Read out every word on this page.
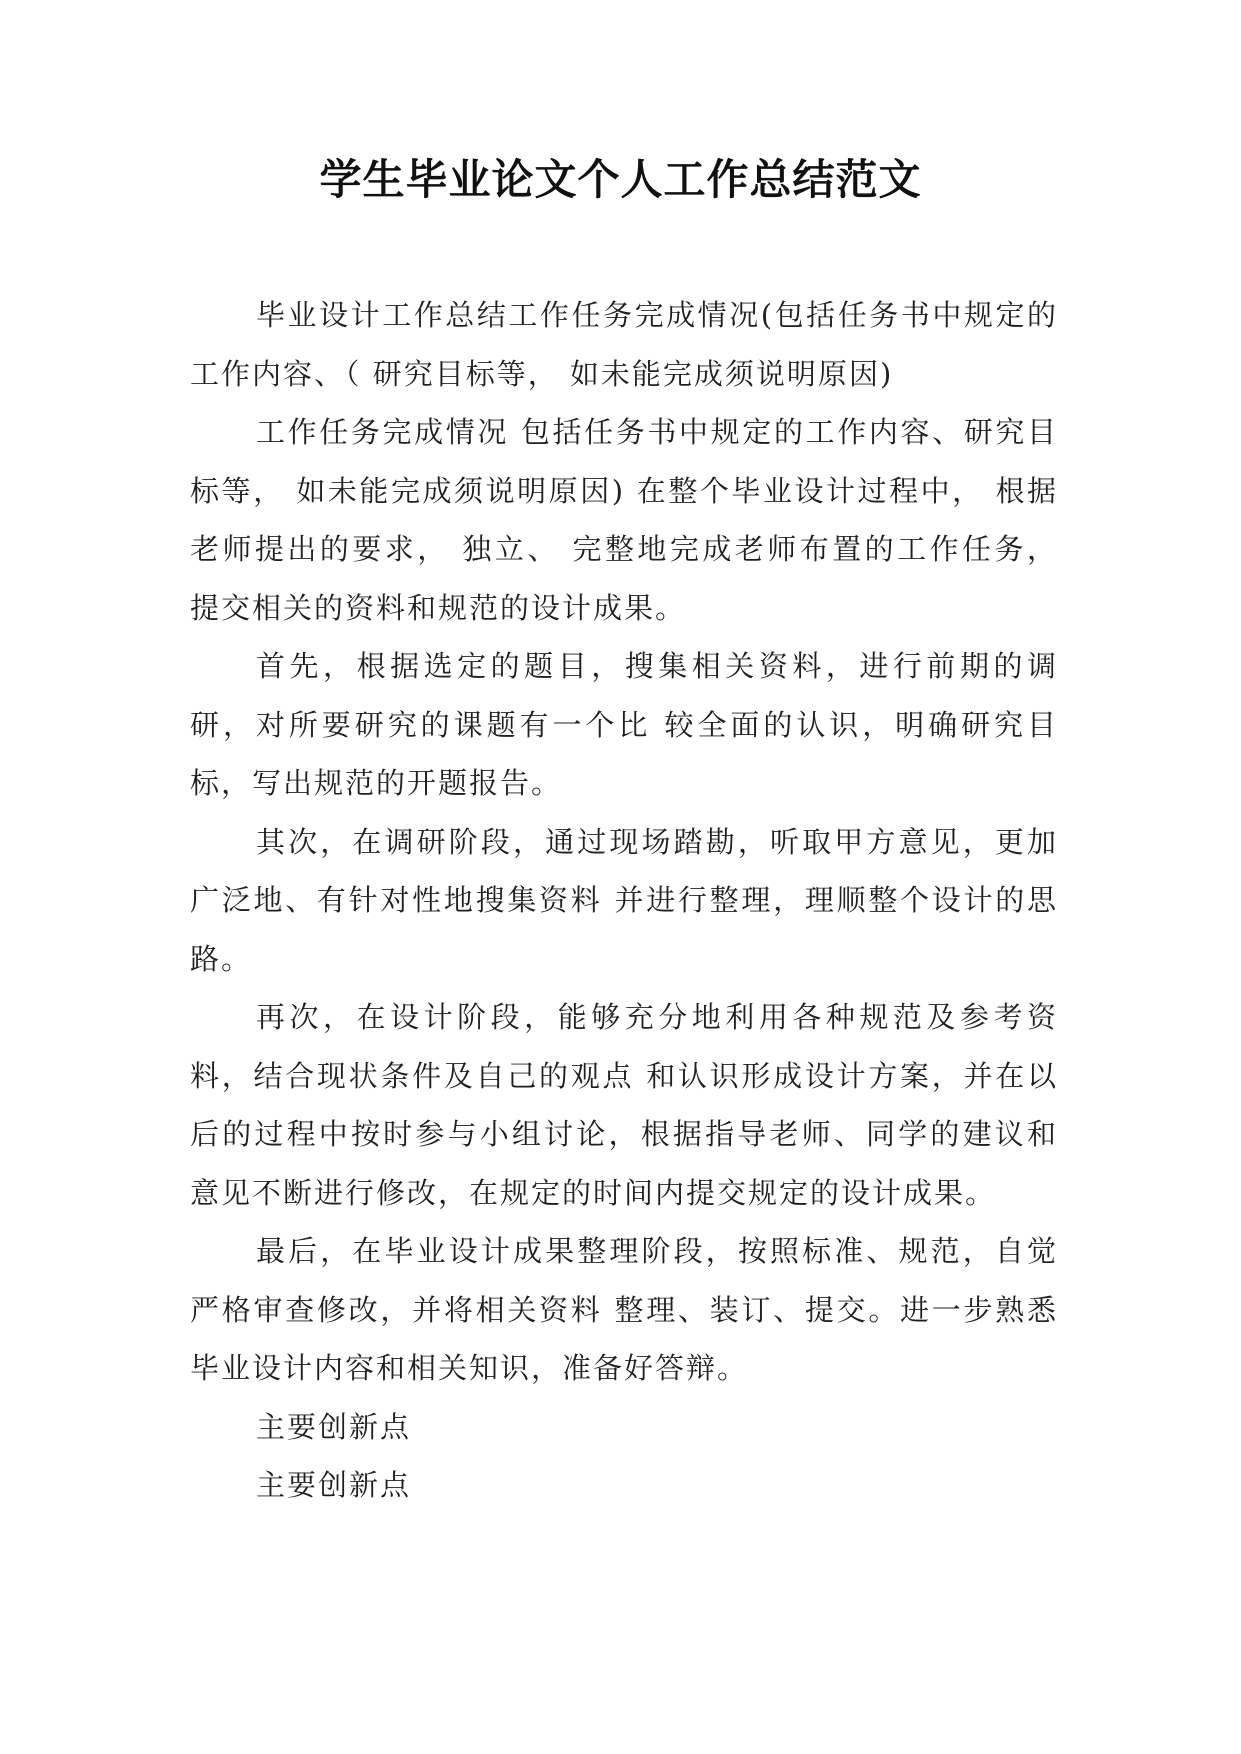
学生毕业论文个人工作总结范文

毕业设计工作总结工作任务完成情况(包括任务书中规定的工作内容、（ 研究目标等， 如未能完成须说明原因)

工作任务完成情况 包括任务书中规定的工作内容、研究目标等， 如未能完成须说明原因) 在整个毕业设计过程中， 根据老师提出的要求， 独立、 完整地完成老师布置的工作任务， 提交相关的资料和规范的设计成果。

首先，根据选定的题目，搜集相关资料，进行前期的调研，对所要研究的课题有一个比 较全面的认识，明确研究目标，写出规范的开题报告。

其次，在调研阶段，通过现场踏勘，听取甲方意见，更加广泛地、有针对性地搜集资料 并进行整理，理顺整个设计的思路。

再次，在设计阶段，能够充分地利用各种规范及参考资料，结合现状条件及自己的观点 和认识形成设计方案，并在以后的过程中按时参与小组讨论，根据指导老师、同学的建议和 意见不断进行修改，在规定的时间内提交规定的设计成果。

最后，在毕业设计成果整理阶段，按照标准、规范，自觉严格审查修改，并将相关资料 整理、装订、提交。进一步熟悉毕业设计内容和相关知识，准备好答辩。

主要创新点

主要创新点
